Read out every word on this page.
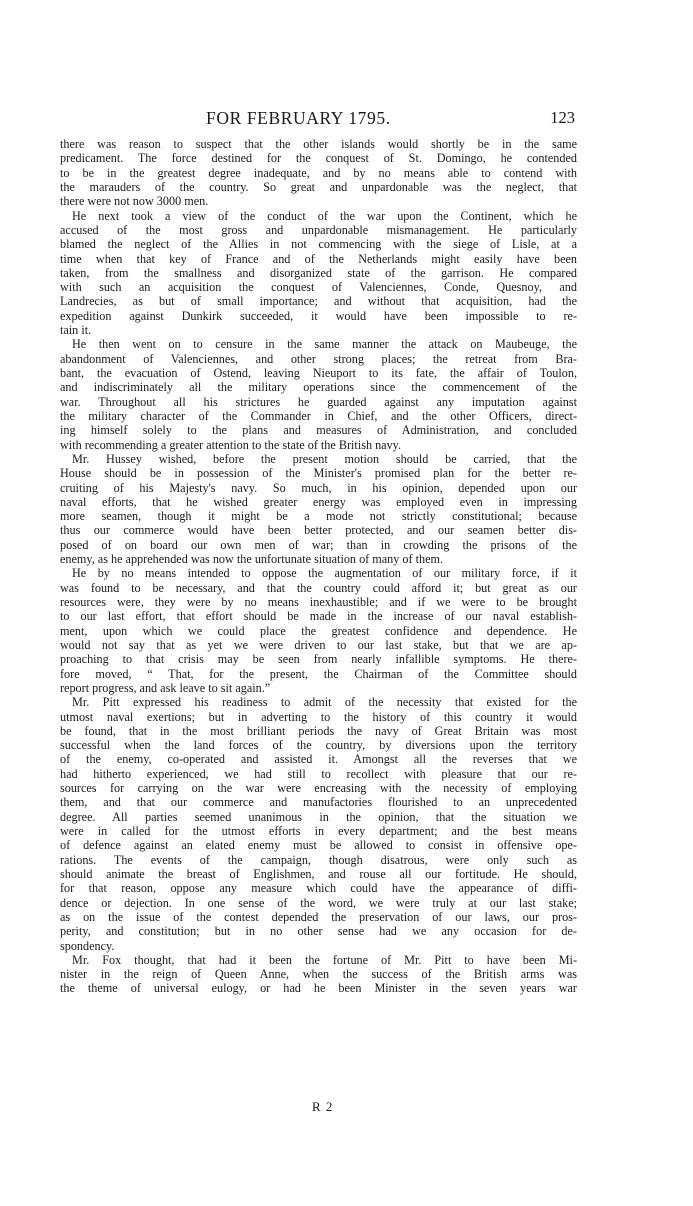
FOR FEBRUARY 1795.	123
there was reason to suspect that the other islands would shortly be in the same
predicament. The force destined for the conquest of St. Domingo, he contended
to be in the greatest degree inadequate, and by no means able to contend with
the marauders of the country. So great and unpardonable was the neglect, that
there were not now 3000 men.
He next took a view of the conduct of the war upon the Continent, which he
accused of the most gross and unpardonable mismanagement. He particularly
blamed the neglect of the Allies in not commencing with the siege of Lisle, at a
time when that key of France and of the Netherlands might easily have been
taken, from the smallness and disorganized state of the garrison. He compared
with such an acquisition the conquest of Valenciennes, Conde, Quesnoy, and
Landrecies, as but of small importance; and without that acquisition, had the
expedition against Dunkirk succeeded, it would have been impossible to re-
tain it.
He then went on to censure in the same manner the attack on Maubeuge, the
abandonment of Valenciennes, and other strong places; the retreat from Bra-
bant, the evacuation of Ostend, leaving Nieuport to its fate, the affair of Toulon,
and indiscriminately all the military operations since the commencement of the
war. Throughout all his strictures he guarded against any imputation against
the military character of the Commander in Chief, and the other Officers, direct-
ing himself solely to the plans and measures of Administration, and concluded
with recommending a greater attention to the state of the British navy.
Mr. Hussey wished, before the present motion should be carried, that the
House should be in possession of the Minister's promised plan for the better re-
cruiting of his Majesty's navy. So much, in his opinion, depended upon our
naval efforts, that he wished greater energy was employed even in impressing
more seamen, though it might be a mode not strictly constitutional; because
thus our commerce would have been better protected, and our seamen better dis-
posed of on board our own men of war; than in crowding the prisons of the
enemy, as he apprehended was now the unfortunate situation of many of them.
He by no means intended to oppose the augmentation of our military force, if it
was found to be necessary, and that the country could afford it; but great as our
resources were, they were by no means inexhaustible; and if we were to be brought
to our last effort, that effort should be made in the increase of our naval establish-
ment, upon which we could place the greatest confidence and dependence. He
would not say that as yet we were driven to our last stake, but that we are ap-
proaching to that crisis may be seen from nearly infallible symptoms. He there-
fore moved, “ That, for the present, the Chairman of the Committee should
report progress, and ask leave to sit again.”
Mr. Pitt expressed his readiness to admit of the necessity that existed for the
utmost naval exertions; but in adverting to the history of this country it would
be found, that in the most brilliant periods the navy of Great Britain was most
successful when the land forces of the country, by diversions upon the territory
of the enemy, co-operated and assisted it. Amongst all the reverses that we
had hitherto experienced, we had still to recollect with pleasure that our re-
sources for carrying on the war were encreasing with the necessity of employing
them, and that our commerce and manufactories flourished to an unprecedented
degree. All parties seemed unanimous in the opinion, that the situation we
were in called for the utmost efforts in every department; and the best means
of defence against an elated enemy must be allowed to consist in offensive ope-
rations. The events of the campaign, though disatrous, were only such as
should animate the breast of Englishmen, and rouse all our fortitude. He should,
for that reason, oppose any measure which could have the appearance of diffi-
dence or dejection. In one sense of the word, we were truly at our last stake;
as on the issue of the contest depended the preservation of our laws, our pros-
perity, and constitution; but in no other sense had we any occasion for de-
spondency.
Mr. Fox thought, that had it been the fortune of Mr. Pitt to have been Mi-
nister in the reign of Queen Anne, when the success of the British arms was
the theme of universal eulogy, or had he been Minister in the seven years war
R 2
